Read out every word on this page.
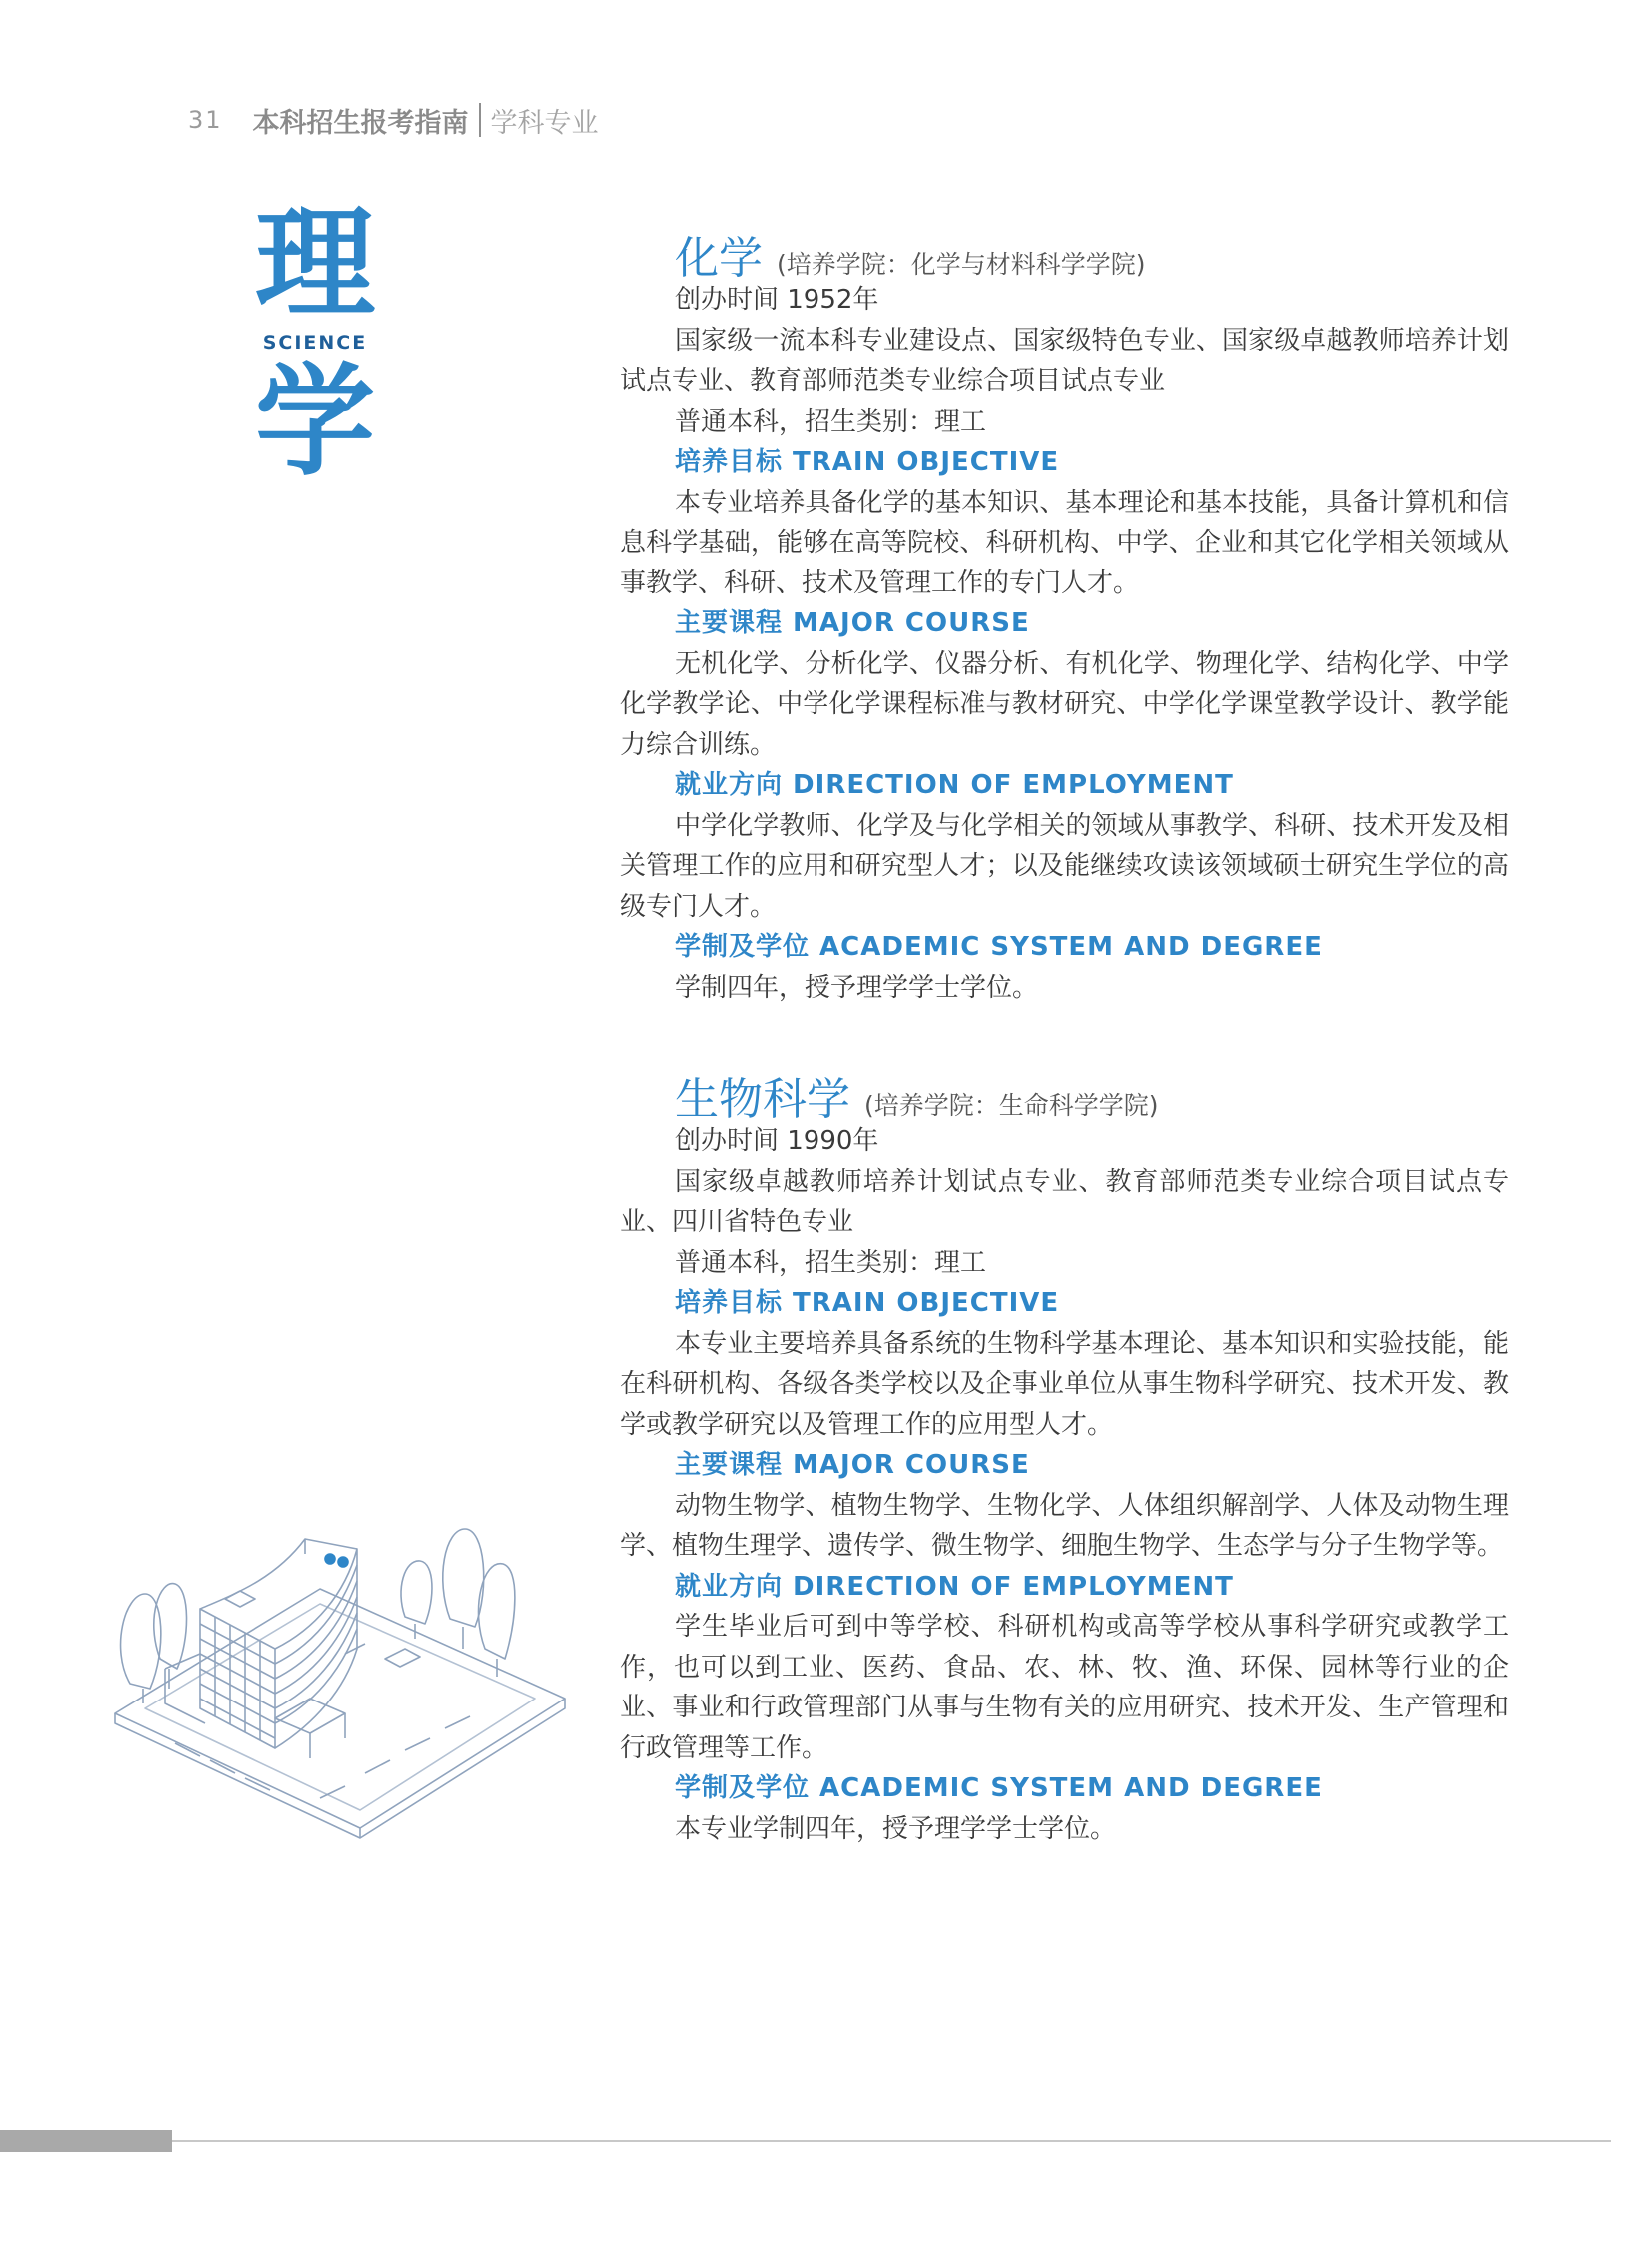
31 本科招生报考指南 学科专业
理
SCIENCE
学
化学 (培养学院：化学与材料科学学院)

创办时间 1952年

国家级一流本科专业建设点、国家级特色专业、国家级卓越教师培养计划试点专业、教育部师范类专业综合项目试点专业

普通本科，招生类别：理工

培养目标 TRAIN OBJECTIVE

本专业培养具备化学的基本知识、基本理论和基本技能，具备计算机和信息科学基础，能够在高等院校、科研机构、中学、企业和其它化学相关领域从事教学、科研、技术及管理工作的专门人才。

主要课程 MAJOR COURSE

无机化学、分析化学、仪器分析、有机化学、物理化学、结构化学、中学化学教学论、中学化学课程标准与教材研究、中学化学课堂教学设计、教学能力综合训练。

就业方向 DIRECTION OF EMPLOYMENT

中学化学教师、化学及与化学相关的领域从事教学、科研、技术开发及相关管理工作的应用和研究型人才；以及能继续攻读该领域硕士研究生学位的高级专门人才。

学制及学位 ACADEMIC SYSTEM AND DEGREE

学制四年，授予理学学士学位。

生物科学 (培养学院：生命科学学院)

创办时间 1990年

国家级卓越教师培养计划试点专业、教育部师范类专业综合项目试点专业、四川省特色专业

普通本科，招生类别：理工

培养目标 TRAIN OBJECTIVE

本专业主要培养具备系统的生物科学基本理论、基本知识和实验技能，能在科研机构、各级各类学校以及企事业单位从事生物科学研究、技术开发、教学或教学研究以及管理工作的应用型人才。

主要课程 MAJOR COURSE

动物生物学、植物生物学、生物化学、人体组织解剖学、人体及动物生理学、植物生理学、遗传学、微生物学、细胞生物学、生态学与分子生物学等。

就业方向 DIRECTION OF EMPLOYMENT

学生毕业后可到中等学校、科研机构或高等学校从事科学研究或教学工作，也可以到工业、医药、食品、农、林、牧、渔、环保、园林等行业的企业、事业和行政管理部门从事与生物有关的应用研究、技术开发、生产管理和行政管理等工作。

学制及学位 ACADEMIC SYSTEM AND DEGREE

本专业学制四年，授予理学学士学位。
